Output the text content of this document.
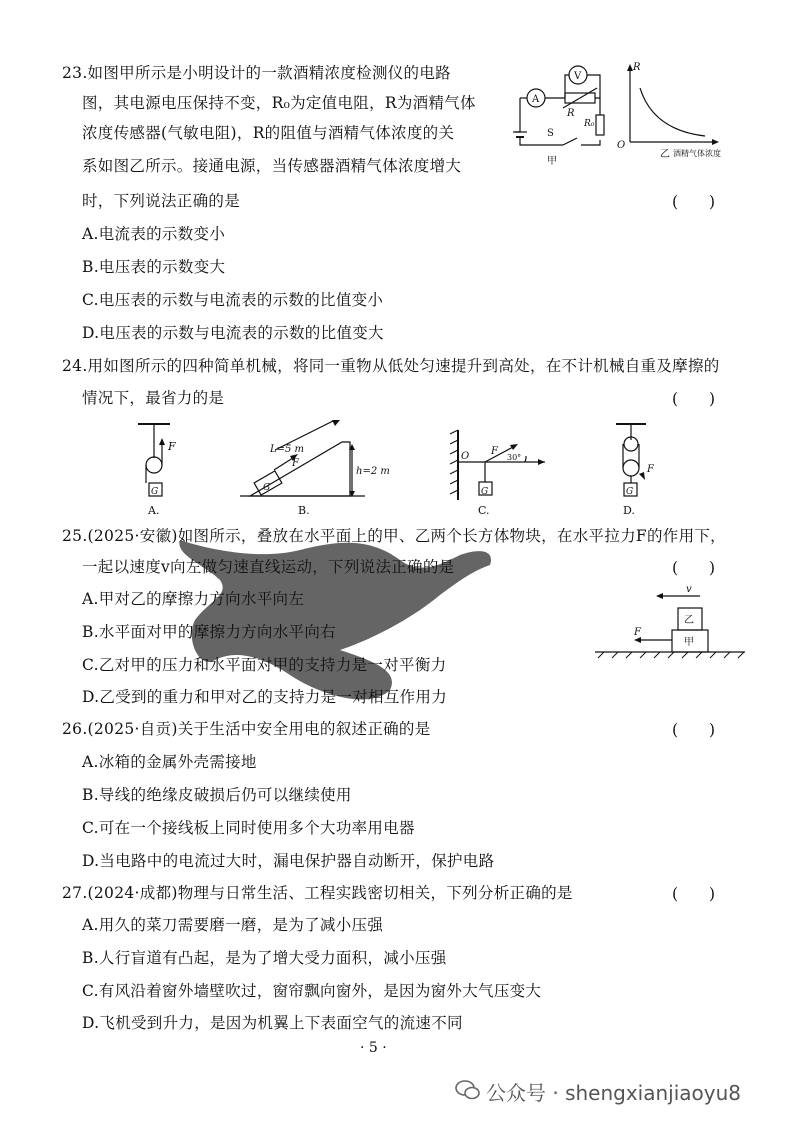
23.如图甲所示是小明设计的一款酒精浓度检测仪的电路
图，其电源电压保持不变，R₀为定值电阻，R为酒精气体
浓度传感器(气敏电阻)，R的阻值与酒精气体浓度的关
系如图乙所示。接通电源，当传感器酒精气体浓度增大
时，下列说法正确的是	(　　)
A.电流表的示数变小
B.电压表的示数变大
C.电压表的示数与电流表的示数的比值变小
D.电压表的示数与电流表的示数的比值变大
A
V
R
R₀
S
甲
R
O
乙 酒精气体浓度
24.用如图所示的四种简单机械，将同一重物从低处匀速提升到高处，在不计机械自重及摩擦的
情况下，最省力的是	(　　)
F
G
A.
F
G
L=5 m
h=2 m
B.
O F
30°
G
C.
F
G
D.
25.(2025·安徽)如图所示，叠放在水平面上的甲、乙两个长方体物块，在水平拉力F的作用下，
一起以速度v向左做匀速直线运动，下列说法正确的是	(　　)
A.甲对乙的摩擦力方向水平向左
B.水平面对甲的摩擦力方向水平向右
C.乙对甲的压力和水平面对甲的支持力是一对平衡力
D.乙受到的重力和甲对乙的支持力是一对相互作用力
v
F
乙
甲
26.(2025·自贡)关于生活中安全用电的叙述正确的是	(　　)
A.冰箱的金属外壳需接地
B.导线的绝缘皮破损后仍可以继续使用
C.可在一个接线板上同时使用多个大功率用电器
D.当电路中的电流过大时，漏电保护器自动断开，保护电路
27.(2024·成都)物理与日常生活、工程实践密切相关，下列分析正确的是	(　　)
A.用久的菜刀需要磨一磨，是为了减小压强
B.人行盲道有凸起，是为了增大受力面积，减小压强
C.有风沿着窗外墙壁吹过，窗帘飘向窗外，是因为窗外大气压变大
D.飞机受到升力，是因为机翼上下表面空气的流速不同
· 5 ·
公众号 · shengxianjiaoyu8
